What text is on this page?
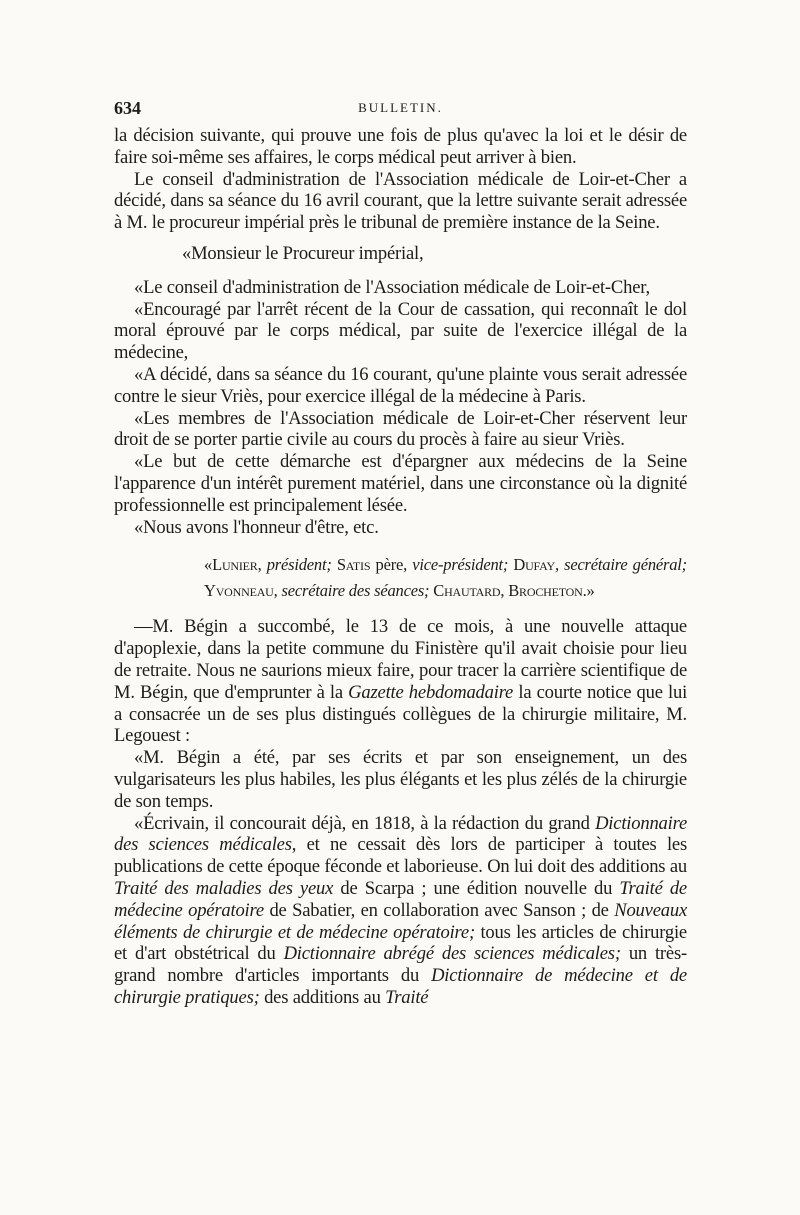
634	BULLETIN.

la décision suivante, qui prouve une fois de plus qu'avec la loi et le désir de faire soi-même ses affaires, le corps médical peut arriver à bien.

Le conseil d'administration de l'Association médicale de Loir-et-Cher a décidé, dans sa séance du 16 avril courant, que la lettre suivante serait adressée à M. le procureur impérial près le tribunal de première instance de la Seine.

«Monsieur le Procureur impérial,

«Le conseil d'administration de l'Association médicale de Loir-et-Cher,

«Encouragé par l'arrêt récent de la Cour de cassation, qui reconnaît le dol moral éprouvé par le corps médical, par suite de l'exercice illégal de la médecine,

«A décidé, dans sa séance du 16 courant, qu'une plainte vous serait adressée contre le sieur Vriès, pour exercice illégal de la médecine à Paris.

«Les membres de l'Association médicale de Loir-et-Cher réservent leur droit de se porter partie civile au cours du procès à faire au sieur Vriès.

«Le but de cette démarche est d'épargner aux médecins de la Seine l'apparence d'un intérêt purement matériel, dans une circonstance où la dignité professionnelle est principalement lésée.

«Nous avons l'honneur d'être, etc.

«Lunier, président; Satis père, vice-président; Dufay, secrétaire général; Yvonneau, secrétaire des séances; Chautard, Brocheton.»

—M. Bégin a succombé, le 13 de ce mois, à une nouvelle attaque d'apoplexie, dans la petite commune du Finistère qu'il avait choisie pour lieu de retraite. Nous ne saurions mieux faire, pour tracer la carrière scientifique de M. Bégin, que d'emprunter à la Gazette hebdomadaire la courte notice que lui a consacrée un de ses plus distingués collègues de la chirurgie militaire, M. Legouest :

«M. Bégin a été, par ses écrits et par son enseignement, un des vulgarisateurs les plus habiles, les plus élégants et les plus zélés de la chirurgie de son temps.

«Écrivain, il concourait déjà, en 1818, à la rédaction du grand Dictionnaire des sciences médicales, et ne cessait dès lors de participer à toutes les publications de cette époque féconde et laborieuse. On lui doit des additions au Traité des maladies des yeux de Scarpa ; une édition nouvelle du Traité de médecine opératoire de Sabatier, en collaboration avec Sanson ; de Nouveaux éléments de chirurgie et de médecine opératoire; tous les articles de chirurgie et d'art obstétrical du Dictionnaire abrégé des sciences médicales; un très-grand nombre d'articles importants du Dictionnaire de médecine et de chirurgie pratiques; des additions au Traité
